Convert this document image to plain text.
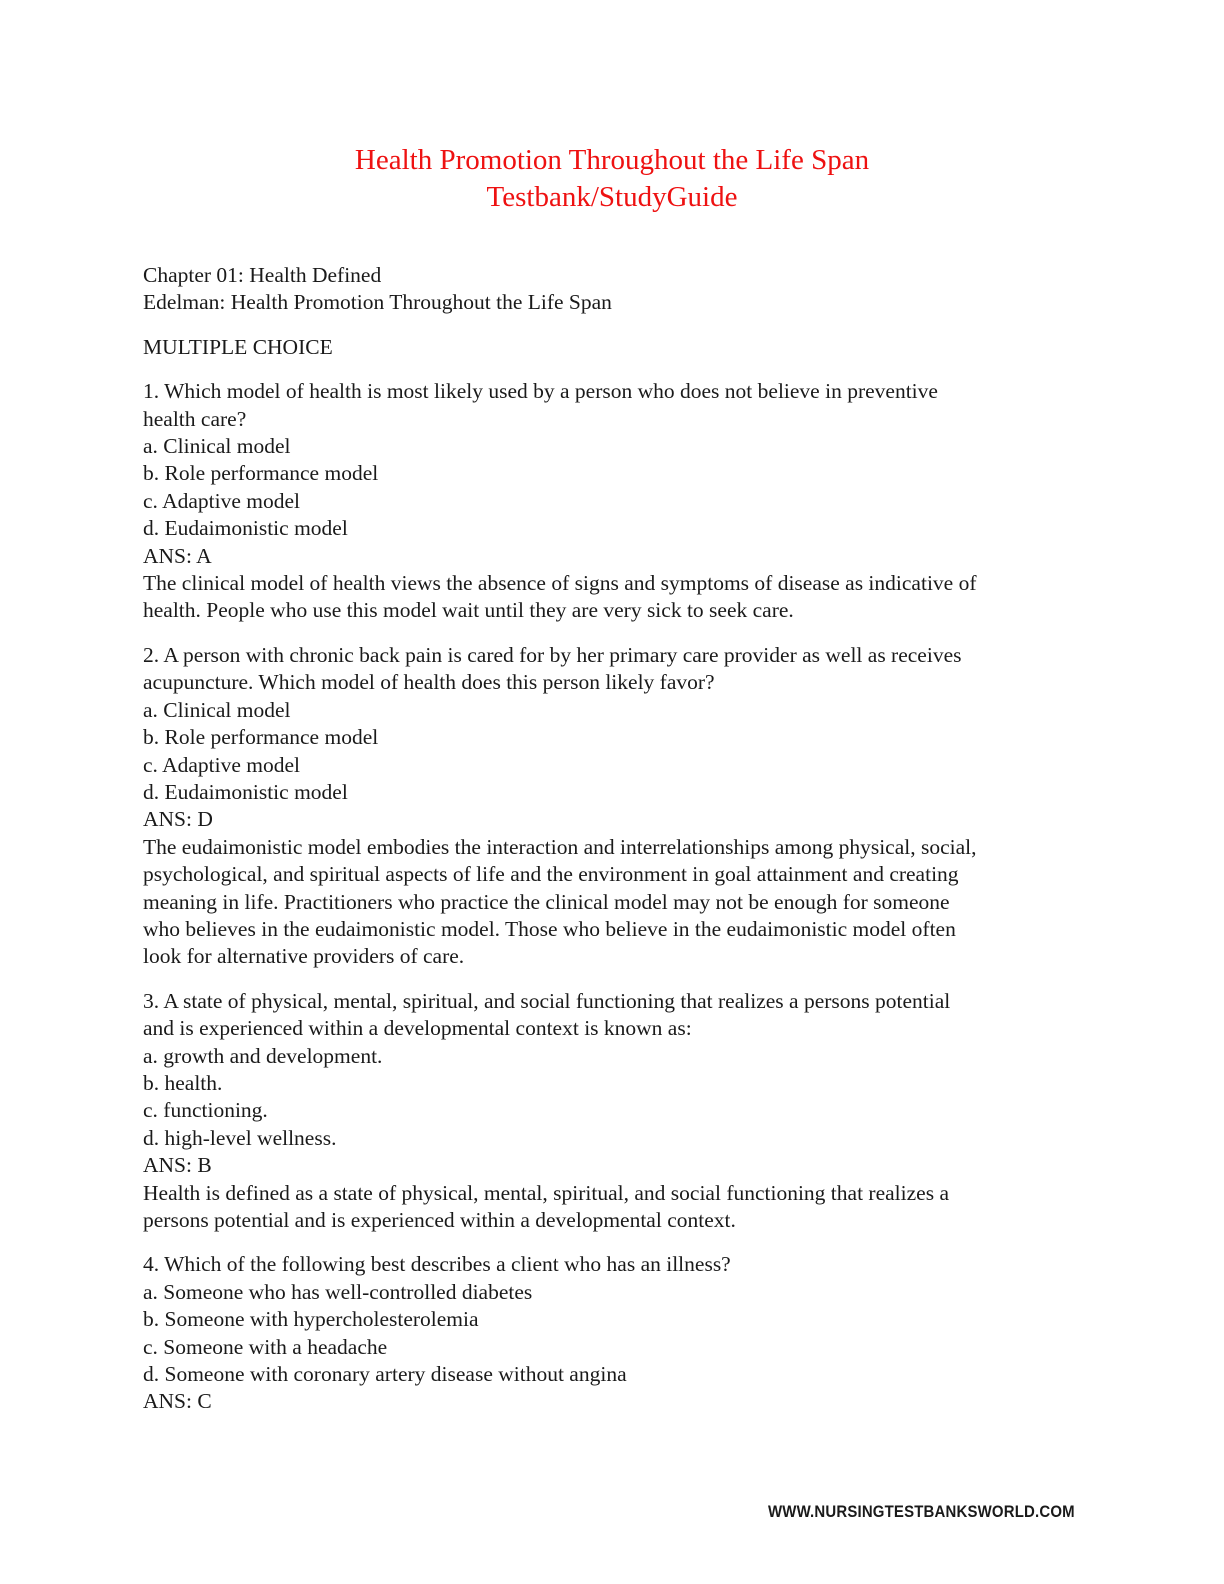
Health Promotion Throughout the Life Span
Testbank/StudyGuide
Chapter 01: Health Defined
Edelman: Health Promotion Throughout the Life Span
MULTIPLE CHOICE
1. Which model of health is most likely used by a person who does not believe in preventive
health care?
a. Clinical model
b. Role performance model
c. Adaptive model
d. Eudaimonistic model
ANS: A
The clinical model of health views the absence of signs and symptoms of disease as indicative of
health. People who use this model wait until they are very sick to seek care.
2. A person with chronic back pain is cared for by her primary care provider as well as receives
acupuncture. Which model of health does this person likely favor?
a. Clinical model
b. Role performance model
c. Adaptive model
d. Eudaimonistic model
ANS: D
The eudaimonistic model embodies the interaction and interrelationships among physical, social,
psychological, and spiritual aspects of life and the environment in goal attainment and creating
meaning in life. Practitioners who practice the clinical model may not be enough for someone
who believes in the eudaimonistic model. Those who believe in the eudaimonistic model often
look for alternative providers of care.
3. A state of physical, mental, spiritual, and social functioning that realizes a persons potential
and is experienced within a developmental context is known as:
a. growth and development.
b. health.
c. functioning.
d. high-level wellness.
ANS: B
Health is defined as a state of physical, mental, spiritual, and social functioning that realizes a
persons potential and is experienced within a developmental context.
4. Which of the following best describes a client who has an illness?
a. Someone who has well-controlled diabetes
b. Someone with hypercholesterolemia
c. Someone with a headache
d. Someone with coronary artery disease without angina
ANS: C
WWW.NURSINGTESTBANKSWORLD.COM
